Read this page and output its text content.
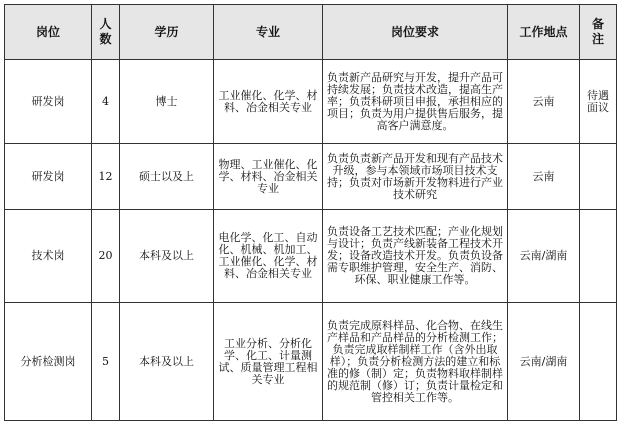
岗位	人数	学历	专业	岗位要求	工作地点	备注
研发岗	4	博士	工业催化、化学、材料、冶金相关专业	负责新产品研究与开发，提升产品可持续发展；负责技术改造，提高生产率；负责科研项目申报，承担相应的项目；负责为用户提供售后服务，提高客户满意度。	云南	待遇面议
研发岗	12	硕士以及上	物理、工业催化、化学、材料、冶金相关专业	负责负责新产品开发和现有产品技术升级，参与本领域市场项目技术支持；负责对市场新开发物料进行产业技术研究	云南	
技术岗	20	本科及以上	电化学、化工、自动化、机械、机加工、工业催化、化学、材料、冶金相关专业	负责设备工艺技术匹配；产业化规划与设计；负责产线新装备工程技术开发；设备改造技术开发。负责负设备需专职维护管理，安全生产、消防、环保、职业健康工作等。	云南/湖南	
分析检测岗	5	本科及以上	工业分析、分析化学、化工、计量测试、质量管理工程相关专业	负责完成原料样品、化合物、在线生产样品和产品样品的分析检测工作；负责完成取样制样工作（含外出取样）；负责分析检测方法的建立和标准的修（制）定；负责物料取样制样的规范制（修）订；负责计量检定和管控相关工作等。	云南/湖南	
